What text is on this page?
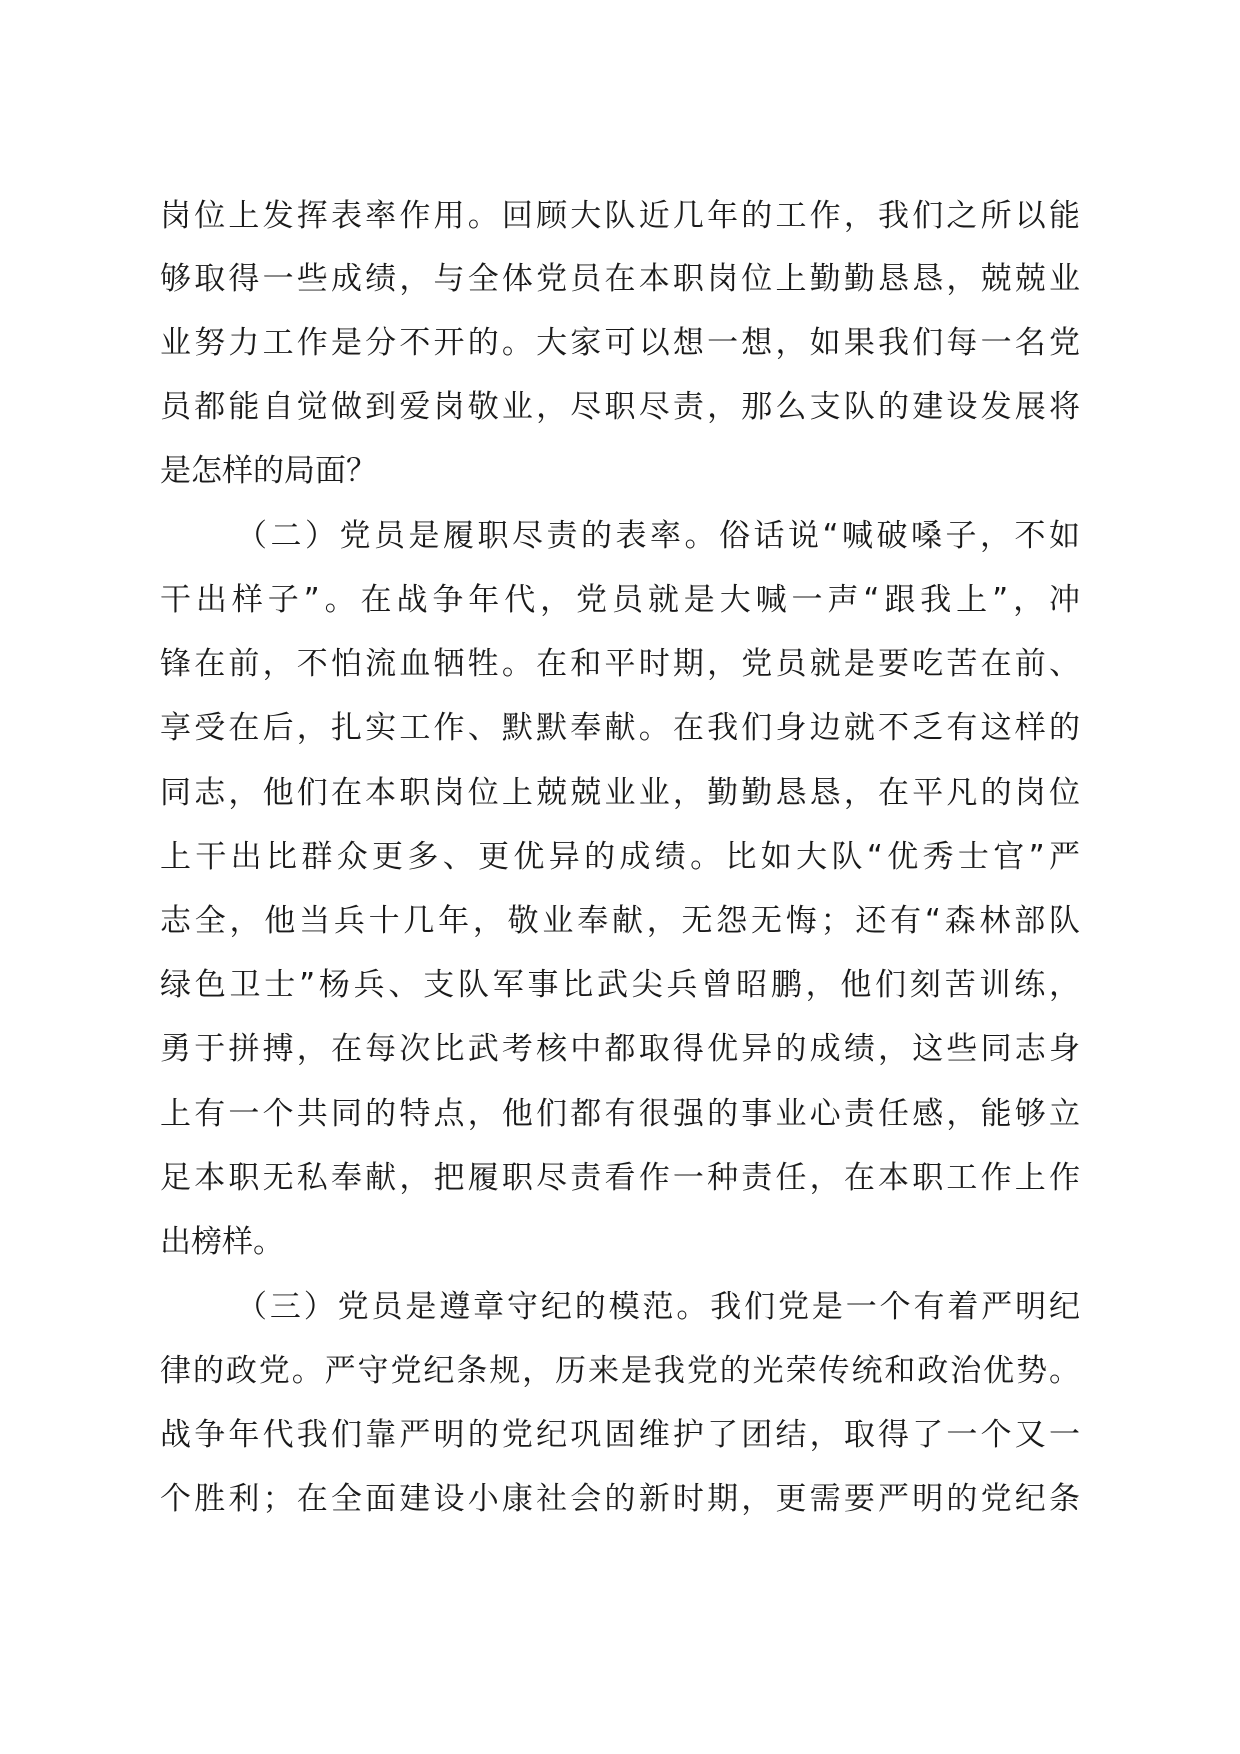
岗位上发挥表率作用。回顾大队近几年的工作，我们之所以能
够取得一些成绩，与全体党员在本职岗位上勤勤恳恳，兢兢业
业努力工作是分不开的。大家可以想一想，如果我们每一名党
员都能自觉做到爱岗敬业，尽职尽责，那么支队的建设发展将
是怎样的局面？
（二）党员是履职尽责的表率。俗话说“喊破嗓子，不如
干出样子”。在战争年代，党员就是大喊一声“跟我上”，冲
锋在前，不怕流血牺牲。在和平时期，党员就是要吃苦在前、
享受在后，扎实工作、默默奉献。在我们身边就不乏有这样的
同志，他们在本职岗位上兢兢业业，勤勤恳恳，在平凡的岗位
上干出比群众更多、更优异的成绩。比如大队“优秀士官”严
志全，他当兵十几年，敬业奉献，无怨无悔；还有“森林部队
绿色卫士”杨兵、支队军事比武尖兵曾昭鹏，他们刻苦训练，
勇于拼搏，在每次比武考核中都取得优异的成绩，这些同志身
上有一个共同的特点，他们都有很强的事业心责任感，能够立
足本职无私奉献，把履职尽责看作一种责任，在本职工作上作
出榜样。
（三）党员是遵章守纪的模范。我们党是一个有着严明纪
律的政党。严守党纪条规，历来是我党的光荣传统和政治优势。
战争年代我们靠严明的党纪巩固维护了团结，取得了一个又一
个胜利；在全面建设小康社会的新时期，更需要严明的党纪条
